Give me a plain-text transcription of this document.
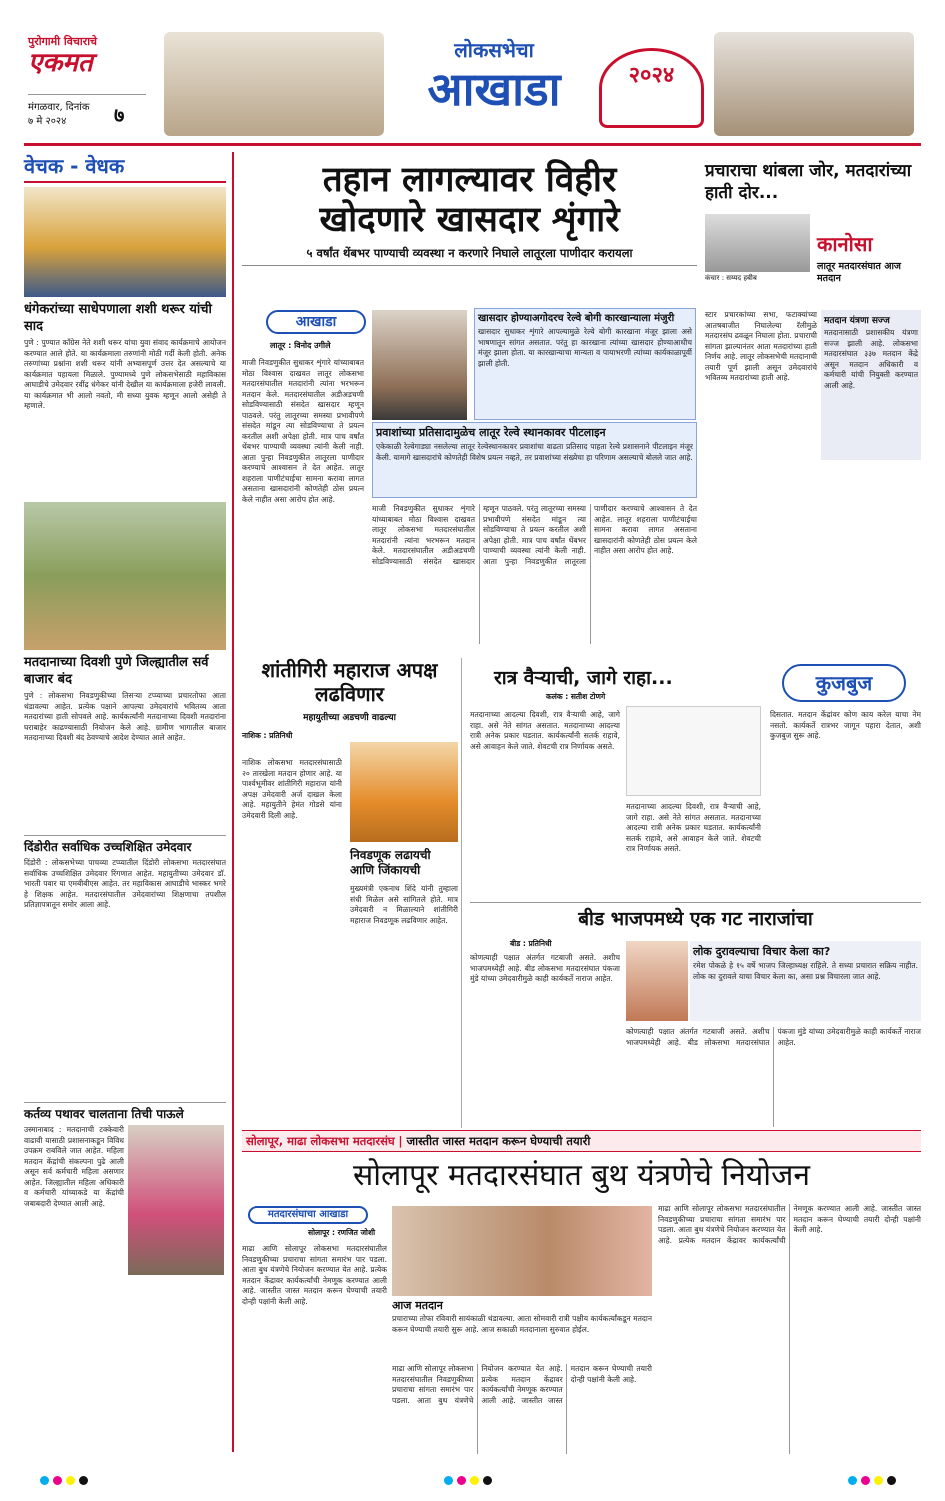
पुरोगामी विचाराचे
एकमत
मंगळवार, दिनांक
७ मे २०२४	७
लोकसभेचा
आखाडा	२०२४
वेचक - वेधक
धंगेकरांच्या साधेपणाला शशी थरूर यांची साद
पुणे : पुण्यात काँग्रेस नेते शशी थरूर यांचा युवा संवाद कार्यक्रमाचे आयोजन करण्यात आले होते. या कार्यक्रमाला तरुणांनी मोठी गर्दी केली होती. अनेक तरुणांच्या प्रश्नांना शशी थरूर यांनी अभ्यासपूर्ण उत्तर देत असल्याचे या कार्यक्रमात पहायला मिळाले. पुण्यामध्ये पुणे लोकसभेसाठी महाविकास आघाडीचे उमेदवार रवींद्र धंगेकर यांनी देखील या कार्यक्रमाला हजेरी लावली. या कार्यक्रमात भी आलो नवतो, मी सध्या युवक म्हणून आलो असेही ते म्हणाले.
मतदानाच्या दिवशी पुणे जिल्ह्यातील सर्व बाजार बंद
पुणे : लोकसभा निवडणुकीच्या तिसऱ्या टप्प्याच्या प्रचारतोफा आता थंडावल्या आहेत. प्रत्येक पक्षाने आपल्या उमेदवारांचे भवितव्य आता मतदारांच्या हाती सोपवले आहे. कार्यकर्त्यांनी मतदानाच्या दिवशी मतदारांना घराबाहेर काढण्यासाठी नियोजन केले आहे. ग्रामीण भागातील बाजार मतदानाच्या दिवशी बंद ठेवण्याचे आदेश देण्यात आले आहेत.
दिंडोरीत सर्वाधिक उच्चशिक्षित उमेदवार
दिंडोरी : लोकसभेच्या पाचव्या टप्प्यातील दिंडोरी लोकसभा मतदारसंघात सर्वाधिक उच्चशिक्षित उमेदवार रिंगणात आहेत. महायुतीच्या उमेदवार डॉ. भारती पवार या एमबीबीएस आहेत. तर महाविकास आघाडीचे भास्कर भगरे हे शिक्षक आहेत. मतदारसंघातील उमेदवारांच्या शिक्षणाचा तपशील प्रतिज्ञापत्रातून समोर आला आहे.
कर्तव्य पथावर चालताना तिची पाऊले
उस्मानाबाद : मतदानाची टक्केवारी वाढावी यासाठी प्रशासनाकडून विविध उपक्रम राबविले जात आहेत. महिला मतदान केंद्रांची संकल्पना पुढे आली असून सर्व कर्मचारी महिला असणार आहेत. जिल्ह्यातील महिला अधिकारी व कर्मचारी यांच्याकडे या केंद्रांची जबाबदारी देण्यात आली आहे.
तहान लागल्यावर विहीर
खोदणारे खासदार शृंगारे
५ वर्षांत थेंबभर पाण्याची व्यवस्था न करणारे निघाले लातूरला पाणीदार करायला
आखाडा
लातूर : विनोद उगीले
माजी निवडणुकीत सुधाकर शृंगारे यांच्याबाबत मोठा विश्वास दाखवत लातूर लोकसभा मतदारसंघातील मतदारांनी त्यांना भरभरून मतदान केले. मतदारसंघातील अडीअडचणी सोडविण्यासाठी संसदेत खासदार म्हणून पाठवले. परंतु लातूरच्या समस्या प्रभावीपणे संसदेत मांडून त्या सोडविण्याचा ते प्रयत्न करतील अशी अपेक्षा होती. मात्र पाच वर्षांत थेंबभर पाण्याची व्यवस्था त्यांनी केली नाही. आता पुन्हा निवडणुकीत लातूरला पाणीदार करण्याचे आश्वासन ते देत आहेत. लातूर शहराला पाणीटंचाईचा सामना करावा लागत असताना खासदारांनी कोणतेही ठोस प्रयत्न केले नाहीत असा आरोप होत आहे.
खासदार होण्याअगोदरच रेल्वे बोगी कारखान्याला मंजुरी
खासदार सुधाकर शृंगारे आपल्यामुळे रेल्वे बोगी कारखाना मंजूर झाला असे भाषणातून सांगत असतात. परंतु हा कारखाना त्यांच्या खासदार होण्याआधीच मंजूर झाला होता. या कारखान्याचा मान्यता व पायाभरणी त्यांच्या कार्यकाळापूर्वी झाली होती.
प्रवाशांच्या प्रतिसादामुळेच लातूर रेल्वे स्थानकावर पीटलाइन
एकेकाळी रेल्वेगाड्या नसलेल्या लातूर रेल्वेस्थानकावर प्रवाशांचा वाढता प्रतिसाद पाहता रेल्वे प्रशासनाने पीटलाइन मंजूर केली. यामागे खासदारांचे कोणतेही विशेष प्रयत्न नव्हते, तर प्रवाशांच्या संख्येचा हा परिणाम असल्याचे बोलले जात आहे.
माजी निवडणुकीत सुधाकर शृंगारे यांच्याबाबत मोठा विश्वास दाखवत लातूर लोकसभा मतदारसंघातील मतदारांनी त्यांना भरभरून मतदान केले. मतदारसंघातील अडीअडचणी सोडविण्यासाठी संसदेत खासदार म्हणून पाठवले. परंतु लातूरच्या समस्या प्रभावीपणे संसदेत मांडून त्या सोडविण्याचा ते प्रयत्न करतील अशी अपेक्षा होती. मात्र पाच वर्षांत थेंबभर पाण्याची व्यवस्था त्यांनी केली नाही. आता पुन्हा निवडणुकीत लातूरला पाणीदार करण्याचे आश्वासन ते देत आहेत. लातूर शहराला पाणीटंचाईचा सामना करावा लागत असताना खासदारांनी कोणतेही ठोस प्रयत्न केले नाहीत असा आरोप होत आहे.
प्रचाराचा थांबला जोर, मतदारांच्या हाती दोर...
कंचार : सय्यद हबीब
कानोसा
लातूर मतदारसंघात आज मतदान
स्टार प्रचारकांच्या सभा, फटाक्यांच्या आतषबाजीत निघालेल्या रॅलीमुळे मतदारसंघ ढवळून निघाला होता. प्रचाराची सांगता झाल्यानंतर आता मतदारांच्या हाती निर्णय आहे. लातूर लोकसभेची मतदानाची तयारी पूर्ण झाली असून उमेदवारांचे भवितव्य मतदारांच्या हाती आहे.
मतदान यंत्रणा सज्ज
मतदानासाठी प्रशासकीय यंत्रणा सज्ज झाली आहे. लोकसभा मतदारसंघात ३३७ मतदान केंद्रे असून मतदान अधिकारी व कर्मचारी यांची नियुक्ती करण्यात आली आहे.
शांतीगिरी महाराज अपक्ष लढविणार
महायुतीच्या अडचणी वाढल्या
नाशिक : प्रतिनिधी
नाशिक लोकसभा मतदारसंघासाठी २० तारखेला मतदान होणार आहे. या पार्श्वभूमीवर शांतीगिरी महाराज यांनी अपक्ष उमेदवारी अर्ज दाखल केला आहे. महायुतीने हेमंत गोडसे यांना उमेदवारी दिली आहे.
निवडणूक लढायची आणि जिंकायची
मुख्यमंत्री एकनाथ शिंदे यांनी तुम्हाला संधी मिळेल असे सांगितले होते. मात्र उमेदवारी न मिळाल्याने शांतीगिरी महाराज निवडणूक लढविणार आहेत.
रात्र वैऱ्याची, जागे राहा...
कलंक : सतीश टोणगे
कुजबुज
मतदानाच्या आदल्या दिवशी, रात्र वैऱ्याची आहे, जागे राहा. असे नेते सांगत असतात. मतदानाच्या आदल्या रात्री अनेक प्रकार घडतात. कार्यकर्त्यांनी सतर्क राहावे, असे आवाहन केले जाते. शेवटची रात्र निर्णायक असते.
मतदानाच्या आदल्या दिवशी, रात्र वैऱ्याची आहे, जागे राहा. असे नेते सांगत असतात. मतदानाच्या आदल्या रात्री अनेक प्रकार घडतात. कार्यकर्त्यांनी सतर्क राहावे, असे आवाहन केले जाते. शेवटची रात्र निर्णायक असते.
दिसतात. मतदान केंद्रांवर कोण काय करेल याचा नेम नसतो. कार्यकर्ते रात्रभर जागून पहारा देतात, अशी कुजबुज सुरू आहे.
बीड भाजपमध्ये एक गट नाराजांचा
बीड : प्रतिनिधी
कोणत्याही पक्षात अंतर्गत गटबाजी असते. अशीच भाजपमध्येही आहे. बीड लोकसभा मतदारसंघात पंकजा मुंडे यांच्या उमेदवारीमुळे काही कार्यकर्ते नाराज आहेत.
लोक दुरावल्याचा विचार केला का?
रमेश पोकळे हे १५ वर्षे भाजप जिल्हाध्यक्ष राहिले. ते सध्या प्रचारात सक्रिय नाहीत. लोक का दुरावले याचा विचार केला का, असा प्रश्न विचारला जात आहे.
कोणत्याही पक्षात अंतर्गत गटबाजी असते. अशीच भाजपमध्येही आहे. बीड लोकसभा मतदारसंघात पंकजा मुंडे यांच्या उमेदवारीमुळे काही कार्यकर्ते नाराज आहेत.
सोलापूर, माढा लोकसभा मतदारसंघ | जास्तीत जास्त मतदान करून घेण्याची तयारी
सोलापूर मतदारसंघात बुथ यंत्रणेचे नियोजन
मतदारसंघाचा आखाडा
सोलापूर : रणजित जोशी
माढा आणि सोलापूर लोकसभा मतदारसंघातील निवडणुकीच्या प्रचाराचा सांगता समारंभ पार पडला. आता बुथ यंत्रणेचे नियोजन करण्यात येत आहे. प्रत्येक मतदान केंद्रावर कार्यकर्त्यांची नेमणूक करण्यात आली आहे. जास्तीत जास्त मतदान करून घेण्याची तयारी दोन्ही पक्षांनी केली आहे.	आज मतदान
प्रचाराच्या तोफा रविवारी सायंकाळी थंडावल्या. आता सोमवारी रात्री पक्षीय कार्यकर्त्यांकडून मतदान करून घेण्याची तयारी सुरू आहे. आज सकाळी मतदानाला सुरुवात होईल.
माढा आणि सोलापूर लोकसभा मतदारसंघातील निवडणुकीच्या प्रचाराचा सांगता समारंभ पार पडला. आता बुथ यंत्रणेचे नियोजन करण्यात येत आहे. प्रत्येक मतदान केंद्रावर कार्यकर्त्यांची नेमणूक करण्यात आली आहे. जास्तीत जास्त मतदान करून घेण्याची तयारी दोन्ही पक्षांनी केली आहे.
माढा आणि सोलापूर लोकसभा मतदारसंघातील निवडणुकीच्या प्रचाराचा सांगता समारंभ पार पडला. आता बुथ यंत्रणेचे नियोजन करण्यात येत आहे. प्रत्येक मतदान केंद्रावर कार्यकर्त्यांची नेमणूक करण्यात आली आहे. जास्तीत जास्त मतदान करून घेण्याची तयारी दोन्ही पक्षांनी केली आहे.
